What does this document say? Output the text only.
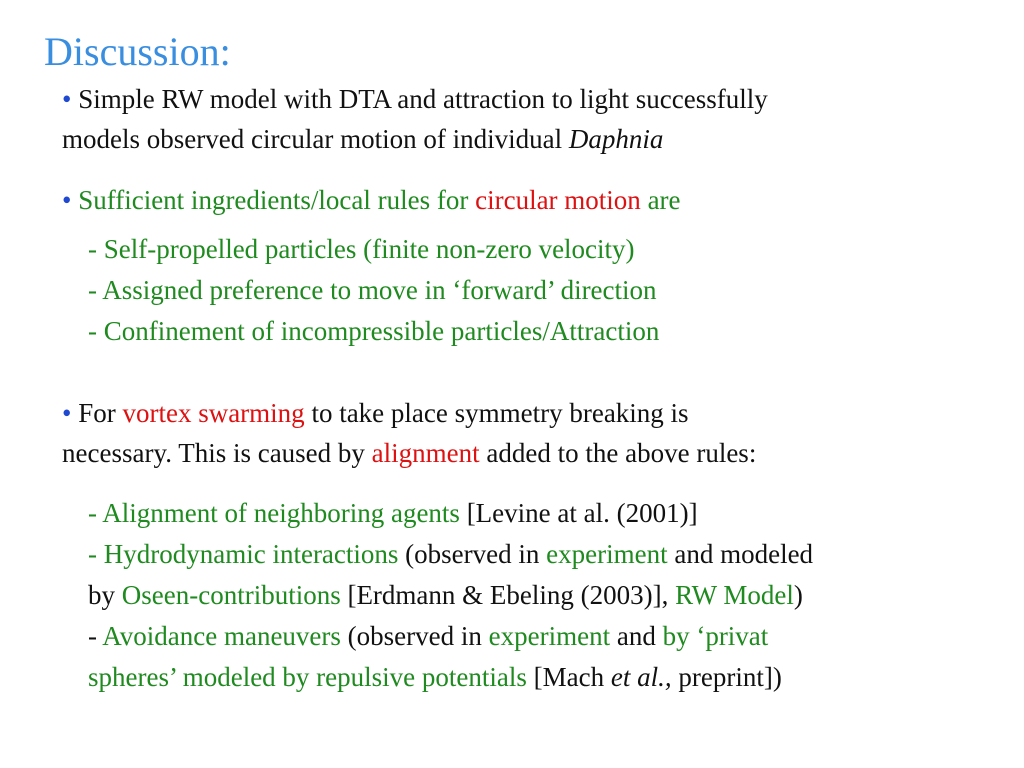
Discussion:
• Simple RW model with DTA and attraction to light successfully
models observed circular motion of individual Daphnia
• Sufficient ingredients/local rules for circular motion are
- Self-propelled particles (finite non-zero velocity)
- Assigned preference to move in ‘forward’ direction
- Confinement of incompressible particles/Attraction
• For vortex swarming to take place symmetry breaking is
necessary. This is caused by alignment added to the above rules:
- Alignment of neighboring agents [Levine at al. (2001)]
- Hydrodynamic interactions (observed in experiment and modeled
by Oseen-contributions [Erdmann & Ebeling (2003)], RW Model)
- Avoidance maneuvers (observed in experiment and by ‘privat
spheres’ modeled by repulsive potentials [Mach et al., preprint])
